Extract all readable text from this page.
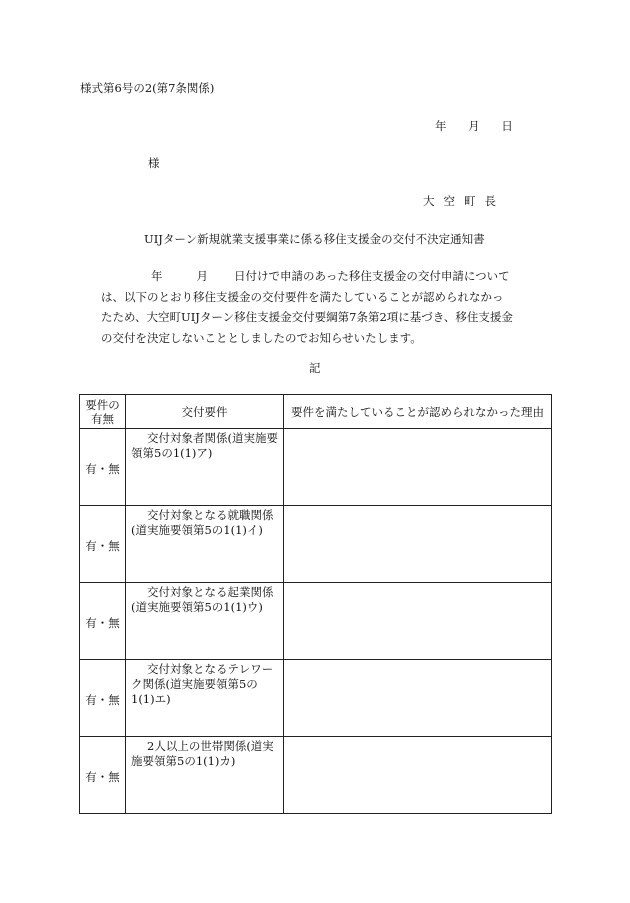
様式第6号の2(第7条関係)
年 月 日
様
大空町長
UIJターン新規就業支援事業に係る移住支援金の交付不決定通知書

年	月 日付けで申請のあった移住支援金の交付申請について

は、以下のとおり移住支援金の交付要件を満たしていることが認められなかっ

たため、大空町UIJターン移住支援金交付要綱第7条第2項に基づき、移住支援金

の交付を決定しないこととしましたのでお知らせいたします。

記
要件の
有無	交付要件	要件を満たしていることが認められなかった理由
有・無	交付対象者関係(道実施要
領第5の1(1)ア)	

有・無	交付対象となる就職関係
(道実施要領第5の1(1)イ)	

有・無	交付対象となる起業関係
(道実施要領第5の1(1)ウ)	

有・無	交付対象となるテレワー
ク関係(道実施要領第5の1(1)エ)	

有・無	2人以上の世帯関係(道実
施要領第5の1(1)カ)	
